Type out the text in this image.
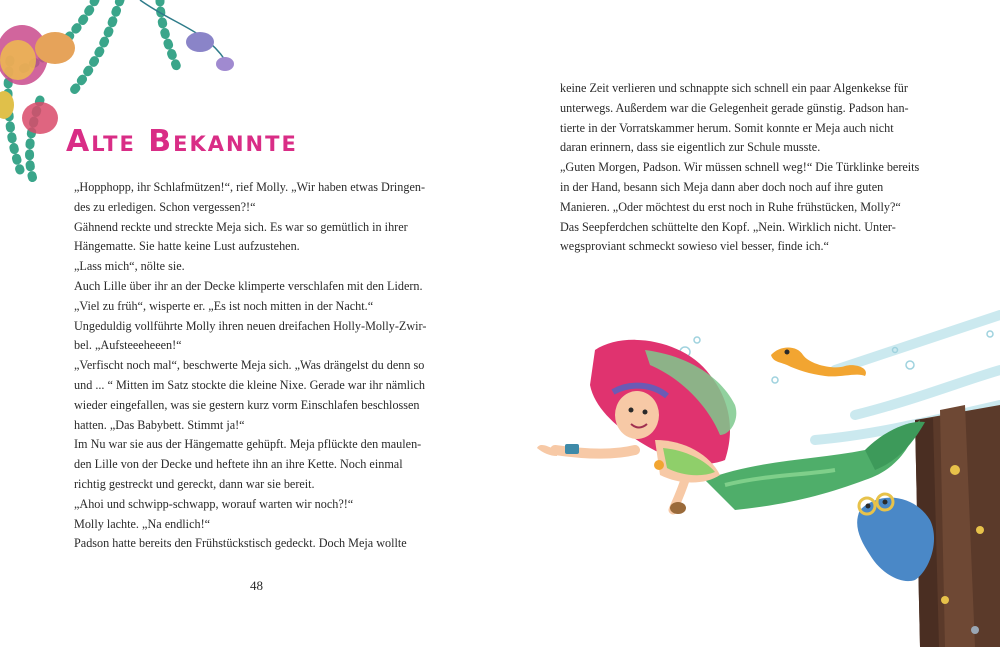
Alte Bekannte

„Hopphopp, ihr Schlafmützen!“, rief Molly. „Wir haben etwas Dringen-

des zu erledigen. Schon vergessen?!“

Gähnend reckte und streckte Meja sich. Es war so gemütlich in ihrer

Hängematte. Sie hatte keine Lust aufzustehen.

„Lass mich“, nölte sie.

Auch Lille über ihr an der Decke klimperte verschlafen mit den Lidern.

„Viel zu früh“, wisperte er. „Es ist noch mitten in der Nacht.“

Ungeduldig vollführte Molly ihren neuen dreifachen Holly-Molly-Zwir-

bel. „Aufsteeeheeen!“

„Verfischt noch mal“, beschwerte Meja sich. „Was drängelst du denn so

und ... “ Mitten im Satz stockte die kleine Nixe. Gerade war ihr nämlich

wieder eingefallen, was sie gestern kurz vorm Einschlafen beschlossen

hatten. „Das Babybett. Stimmt ja!“

Im Nu war sie aus der Hängematte gehüpft. Meja pflückte den maulen-

den Lille von der Decke und heftete ihn an ihre Kette. Noch einmal

richtig gestreckt und gereckt, dann war sie bereit.

„Ahoi und schwipp-schwapp, worauf warten wir noch?!“

Molly lachte. „Na endlich!“

Padson hatte bereits den Frühstückstisch gedeckt. Doch Meja wollte

48

keine Zeit verlieren und schnappte sich schnell ein paar Algenkekse für

unterwegs. Außerdem war die Gelegenheit gerade günstig. Padson han-

tierte in der Vorratskammer herum. Somit konnte er Meja auch nicht

daran erinnern, dass sie eigentlich zur Schule musste.

„Guten Morgen, Padson. Wir müssen schnell weg!“ Die Türklinke bereits

in der Hand, besann sich Meja dann aber doch noch auf ihre guten

Manieren. „Oder möchtest du erst noch in Ruhe frühstücken, Molly?“

Das Seepferdchen schüttelte den Kopf. „Nein. Wirklich nicht. Unter-

wegsproviant schmeckt sowieso viel besser, finde ich.“
